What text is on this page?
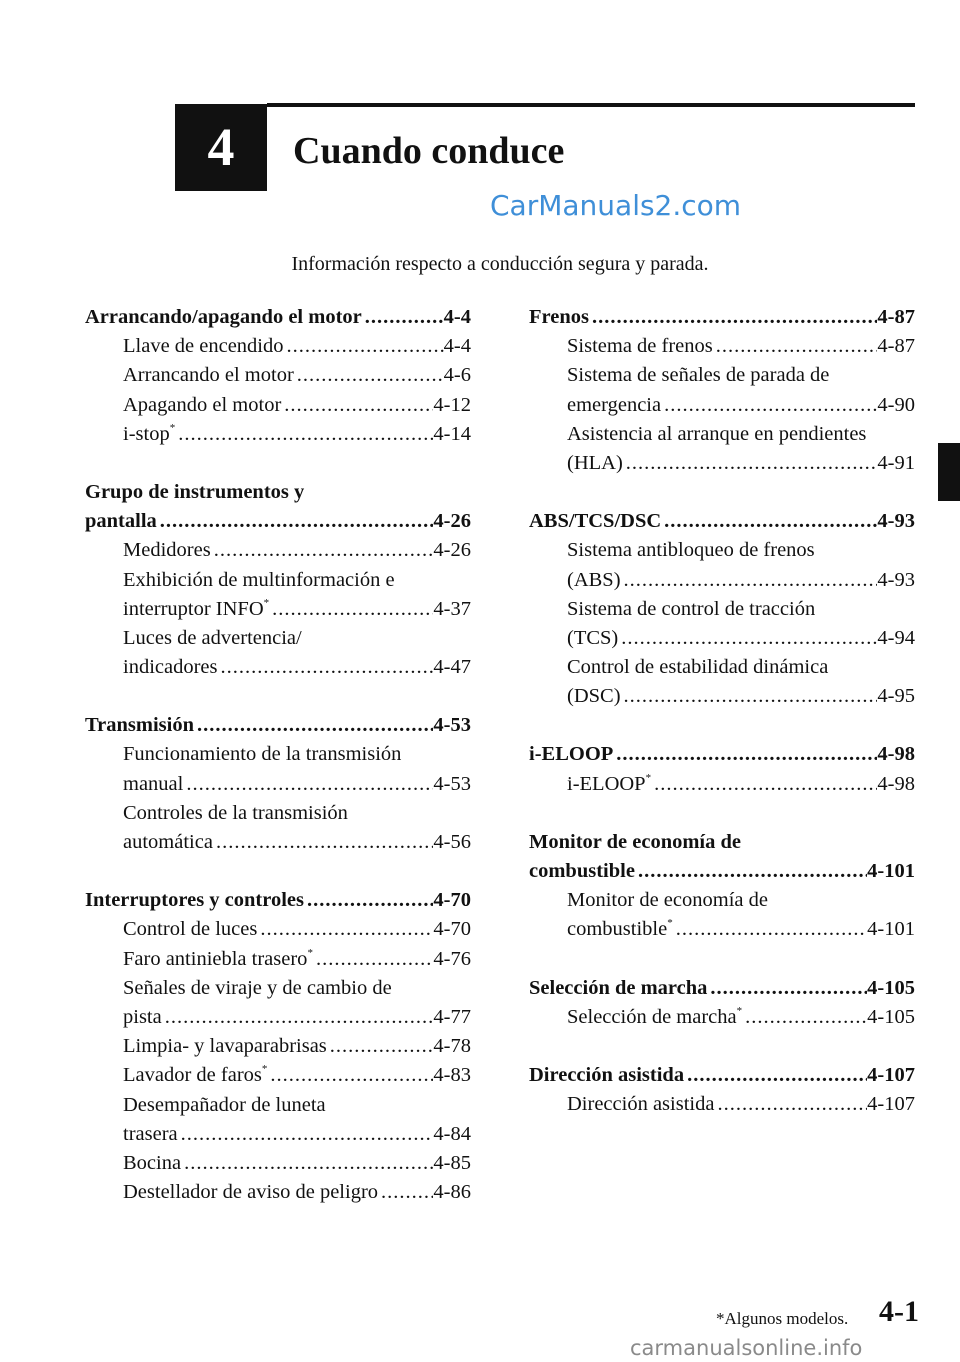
4	Cuando conduce
CarManuals2.com
Información respecto a conducción segura y parada.
Arrancando/apagando el motor .....	4-4
Llave de encendido .....	4-4
Arrancando el motor .....	4-6
Apagando el motor .....	4-12
i-stop* .....	4-14
Grupo de instrumentos y
pantalla .....	4-26
Medidores .....	4-26
Exhibición de multinformación e
interruptor INFO* .....	4-37
Luces de advertencia/
indicadores .....	4-47
Transmisión .....	4-53
Funcionamiento de la transmisión
manual .....	4-53
Controles de la transmisión
automática .....	4-56
Interruptores y controles .....	4-70
Control de luces .....	4-70
Faro antiniebla trasero* .....	4-76
Señales de viraje y de cambio de
pista .....	4-77
Limpia- y lavaparabrisas .....	4-78
Lavador de faros* .....	4-83
Desempañador de luneta
trasera .....	4-84
Bocina .....	4-85
Destellador de aviso de peligro .....	4-86
Frenos .....	4-87
Sistema de frenos .....	4-87
Sistema de señales de parada de
emergencia .....	4-90
Asistencia al arranque en pendientes
(HLA) .....	4-91
ABS/TCS/DSC .....	4-93
Sistema antibloqueo de frenos
(ABS) .....	4-93
Sistema de control de tracción
(TCS) .....	4-94
Control de estabilidad dinámica
(DSC) .....	4-95
i-ELOOP .....	4-98
i-ELOOP* .....	4-98
Monitor de economía de
combustible .....	4-101
Monitor de economía de
combustible* .....	4-101
Selección de marcha .....	4-105
Selección de marcha* .....	4-105
Dirección asistida .....	4-107
Dirección asistida .....	4-107
*Algunos modelos. 4-1
carmanualsonline.info
